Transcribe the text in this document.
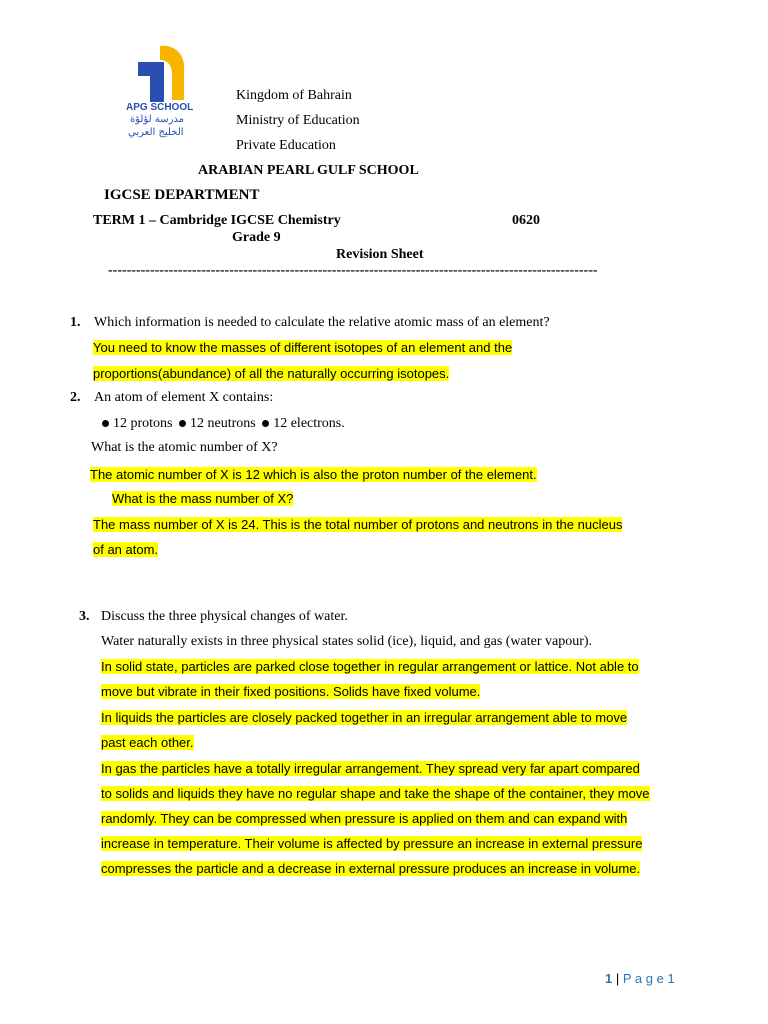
APG SCHOOL
مدرسة لؤلؤة
الخليج العربي
Kingdom of Bahrain
Ministry of Education
Private Education
ARABIAN PEARL GULF SCHOOL
IGCSE DEPARTMENT
TERM 1 – Cambridge IGCSE Chemistry	0620
Grade 9
Revision Sheet
---------------------------------------------------------------------------------------------------------
1. Which information is needed to calculate the relative atomic mass of an element?
You need to know the masses of different isotopes of an element and the
proportions(abundance) of all the naturally occurring isotopes.
2. An atom of element X contains:
12 protons 12 neutrons 12 electrons.
What is the atomic number of X?
The atomic number of X is 12 which is also the proton number of the element.
What is the mass number of X?
The mass number of X is 24. This is the total number of protons and neutrons in the nucleus
of an atom.
3. Discuss the three physical changes of water.
Water naturally exists in three physical states solid (ice), liquid, and gas (water vapour).
In solid state, particles are parked close together in regular arrangement or lattice. Not able to
move but vibrate in their fixed positions. Solids have fixed volume.
In liquids the particles are closely packed together in an irregular arrangement able to move
past each other.
In gas the particles have a totally irregular arrangement. They spread very far apart compared
to solids and liquids they have no regular shape and take the shape of the container, they move
randomly. They can be compressed when pressure is applied on them and can expand with
increase in temperature. Their volume is affected by pressure an increase in external pressure
compresses the particle and a decrease in external pressure produces an increase in volume.
1 | P a g e 1
